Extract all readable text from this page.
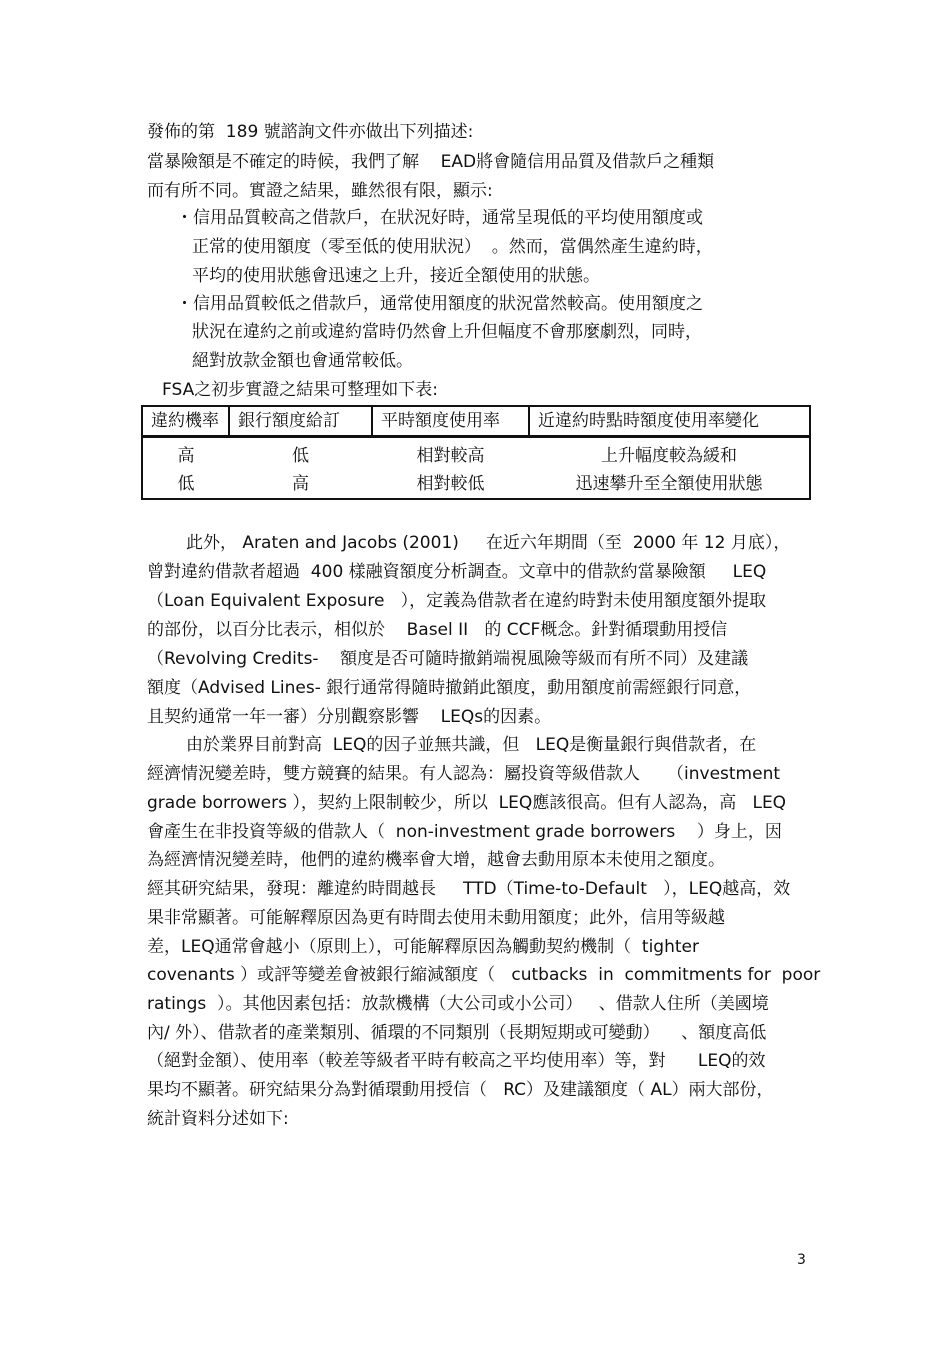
發佈的第  189 號諮詢文件亦做出下列描述:
當暴險額是不確定的時候，我們了解    EAD將會隨信用品質及借款戶之種類
而有所不同。實證之結果，雖然很有限，顯示:
・信用品質較高之借款戶，在狀況好時，通常呈現低的平均使用額度或
正常的使用額度（零至低的使用狀況）  。然而，當偶然產生違約時，
平均的使用狀態會迅速之上升，接近全額使用的狀態。
・信用品質較低之借款戶，通常使用額度的狀況當然較高。使用額度之
狀況在違約之前或違約當時仍然會上升但幅度不會那麼劇烈，同時，
絕對放款金額也會通常較低。
FSA之初步實證之結果可整理如下表:
違約機率	銀行額度給訂	平時額度使用率	近違約時點時額度使用率變化
高	低	相對較高	上升幅度較為緩和
低	高	相對較低	迅速攀升至全額使用狀態
此外， Araten and Jacobs (2001)     在近六年期間（至  2000 年 12 月底），
曾對違約借款者超過  400 樣融資額度分析調查。文章中的借款約當暴險額     LEQ
（Loan Equivalent Exposure   ），定義為借款者在違約時對未使用額度額外提取
的部份，以百分比表示，相似於    Basel II   的 CCF概念。針對循環動用授信
（Revolving Credits-    額度是否可隨時撤銷端視風險等級而有所不同）及建議
額度（Advised Lines- 銀行通常得隨時撤銷此額度，動用額度前需經銀行同意，
且契約通常一年一審）分別觀察影響    LEQs的因素。
由於業界目前對高  LEQ的因子並無共識，但   LEQ是衡量銀行與借款者，在
經濟情況變差時，雙方競賽的結果。有人認為：屬投資等級借款人     （investment
grade borrowers ），契約上限制較少，所以  LEQ應該很高。但有人認為，高   LEQ
會產生在非投資等級的借款人（  non-investment grade borrowers    ）身上，因
為經濟情況變差時，他們的違約機率會大增，越會去動用原本未使用之額度。
經其研究結果，發現：離違約時間越長     TTD（Time-to-Default   ），LEQ越高，效
果非常顯著。可能解釋原因為更有時間去使用未動用額度；此外，信用等級越
差，LEQ通常會越小（原則上），可能解釋原因為觸動契約機制（  tighter
covenants ）或評等變差會被銀行縮減額度（   cutbacks  in  commitments for  poor
ratings  ）。其他因素包括：放款機構（大公司或小公司）   、借款人住所（美國境
內/ 外）、借款者的產業類別、循環的不同類別（長期短期或可變動）    、額度高低
（絕對金額）、使用率（較差等級者平時有較高之平均使用率）等，對      LEQ的效
果均不顯著。研究結果分為對循環動用授信（   RC）及建議額度（ AL）兩大部份，
統計資料分述如下:
3
